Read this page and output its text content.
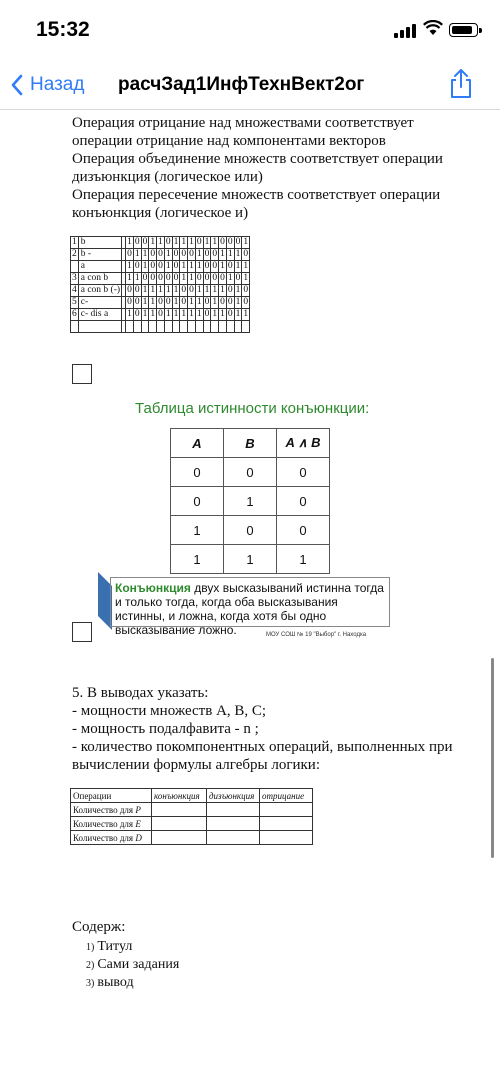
15:32
Назад расчЗад1ИнфТехнВект2ог
Операция отрицание над множествами соответствует
операции отрицание над компонентами векторов
Операция объединение множеств соответствует операции
дизъюнкция (логическое или)
Операция пересечение множеств соответствует операции
конъюнкция (логическое и)
1	b		1	0	0	1	1	0	1	1	1	0	1	1	0	0	0	1
2	b -		0	1	1	0	0	1	0	0	0	1	0	0	1	1	1	0
	a		1	0	1	0	0	1	0	1	1	1	0	0	1	0	1	1
3	a con b		1	1	0	0	0	0	0	1	1	0	0	0	0	1	0	1
4	a con b (-)		0	0	1	1	1	1	1	0	0	1	1	1	1	0	1	0
5	c-		0	0	1	1	0	0	1	0	1	1	0	1	0	0	1	0
6	c- dis a		1	0	1	1	0	1	1	1	1	1	0	1	1	0	1	1

Таблица истинности конъюнкции:
A	B	A ∧ B
0	0	0
0	1	0
1	0	0
1	1	1
Конъюнкция двух высказываний истинна тогда и только тогда, когда оба высказывания истинны, и ложна, когда хотя бы одно высказывание ложно.	МОУ СОШ № 19 "Выбор" г. Находка
5. В выводах указать:
- мощности множеств A, B, C;
- мощность подалфавита - n ;
- количество покомпонентных операций, выполненных при
вычислении формулы алгебры логики:
Операции	конъюнкция	дизъюнкция	отрицание
Количество для P			
Количество для E			
Количество для D			
Содерж:
1) Титул
2) Сами задания
3) вывод
